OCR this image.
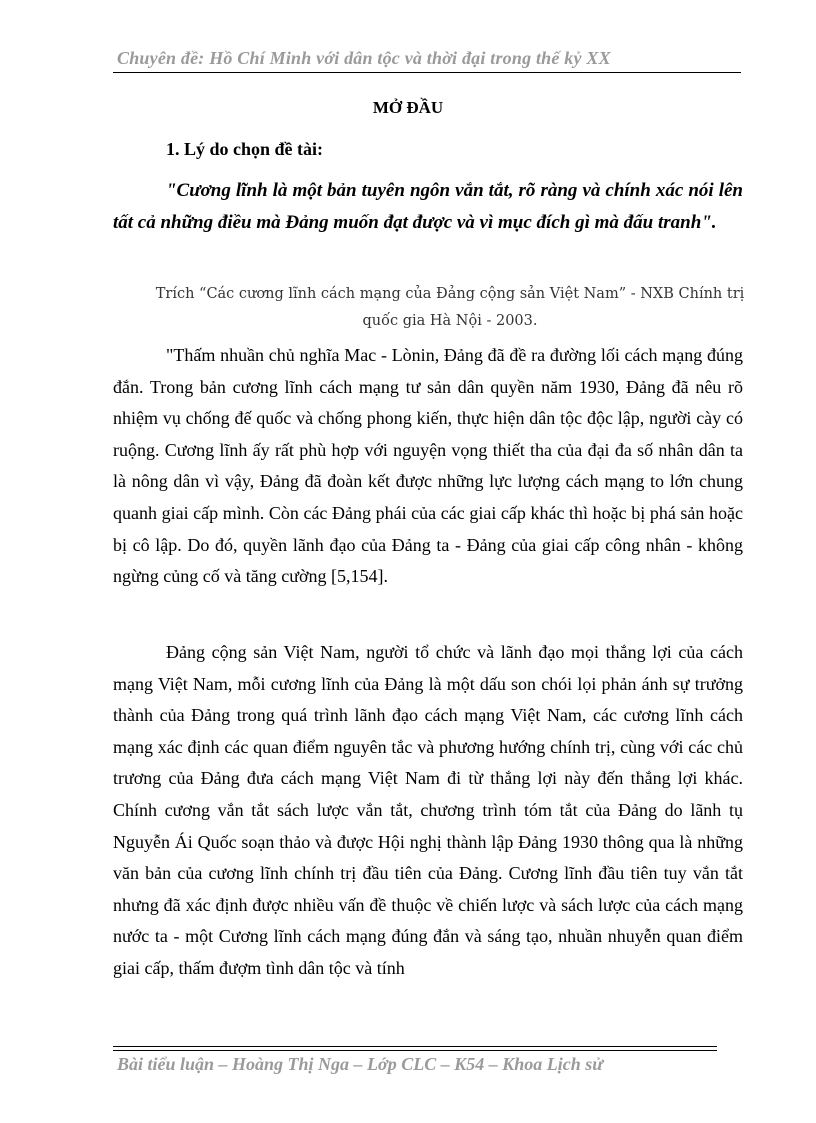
Chuyên đề: Hồ Chí Minh với dân tộc và thời đại trong thế kỷ XX
MỞ ĐẦU
1. Lý do chọn đề tài:

"Cương lĩnh là một bản tuyên ngôn vắn tắt, rõ ràng và chính xác nói lên tất cả những điều mà Đảng muốn đạt được và vì mục đích gì mà đấu tranh".

Trích “Các cương lĩnh cách mạng của Đảng cộng sản Việt Nam” - NXB Chính trị quốc gia Hà Nội - 2003.

"Thấm nhuần chủ nghĩa Mac - Lònin, Đảng đã đề ra đường lối cách mạng đúng đắn. Trong bản cương lĩnh cách mạng tư sản dân quyền năm 1930, Đảng đã nêu rõ nhiệm vụ chống đế quốc và chống phong kiến, thực hiện dân tộc độc lập, người cày có ruộng. Cương lĩnh ấy rất phù hợp với nguyện vọng thiết tha của đại đa số nhân dân ta là nông dân vì vậy, Đảng đã đoàn kết được những lực lượng cách mạng to lớn chung quanh giai cấp mình. Còn các Đảng phái của các giai cấp khác thì hoặc bị phá sản hoặc bị cô lập. Do đó, quyền lãnh đạo của Đảng ta - Đảng của giai cấp công nhân - không ngừng củng cố và tăng cường [5,154].

Đảng cộng sản Việt Nam, người tổ chức và lãnh đạo mọi thắng lợi của cách mạng Việt Nam, mỗi cương lĩnh của Đảng là một dấu son chói lọi phản ánh sự trưởng thành của Đảng trong quá trình lãnh đạo cách mạng Việt Nam, các cương lĩnh cách mạng xác định các quan điểm nguyên tắc và phương hướng chính trị, cùng với các chủ trương của Đảng đưa cách mạng Việt Nam đi từ thắng lợi này đến thắng lợi khác. Chính cương vắn tắt sách lược vắn tắt, chương trình tóm tắt của Đảng do lãnh tụ Nguyễn Ái Quốc soạn thảo và được Hội nghị thành lập Đảng 1930 thông qua là những văn bản của cương lĩnh chính trị đầu tiên của Đảng. Cương lĩnh đầu tiên tuy vắn tắt nhưng đã xác định được nhiều vấn đề thuộc về chiến lược và sách lược của cách mạng nước ta - một Cương lĩnh cách mạng đúng đắn và sáng tạo, nhuần nhuyễn quan điểm giai cấp, thấm đượm tình dân tộc và tính

Bài tiểu luận – Hoàng Thị Nga – Lớp CLC – K54 – Khoa Lịch sử
